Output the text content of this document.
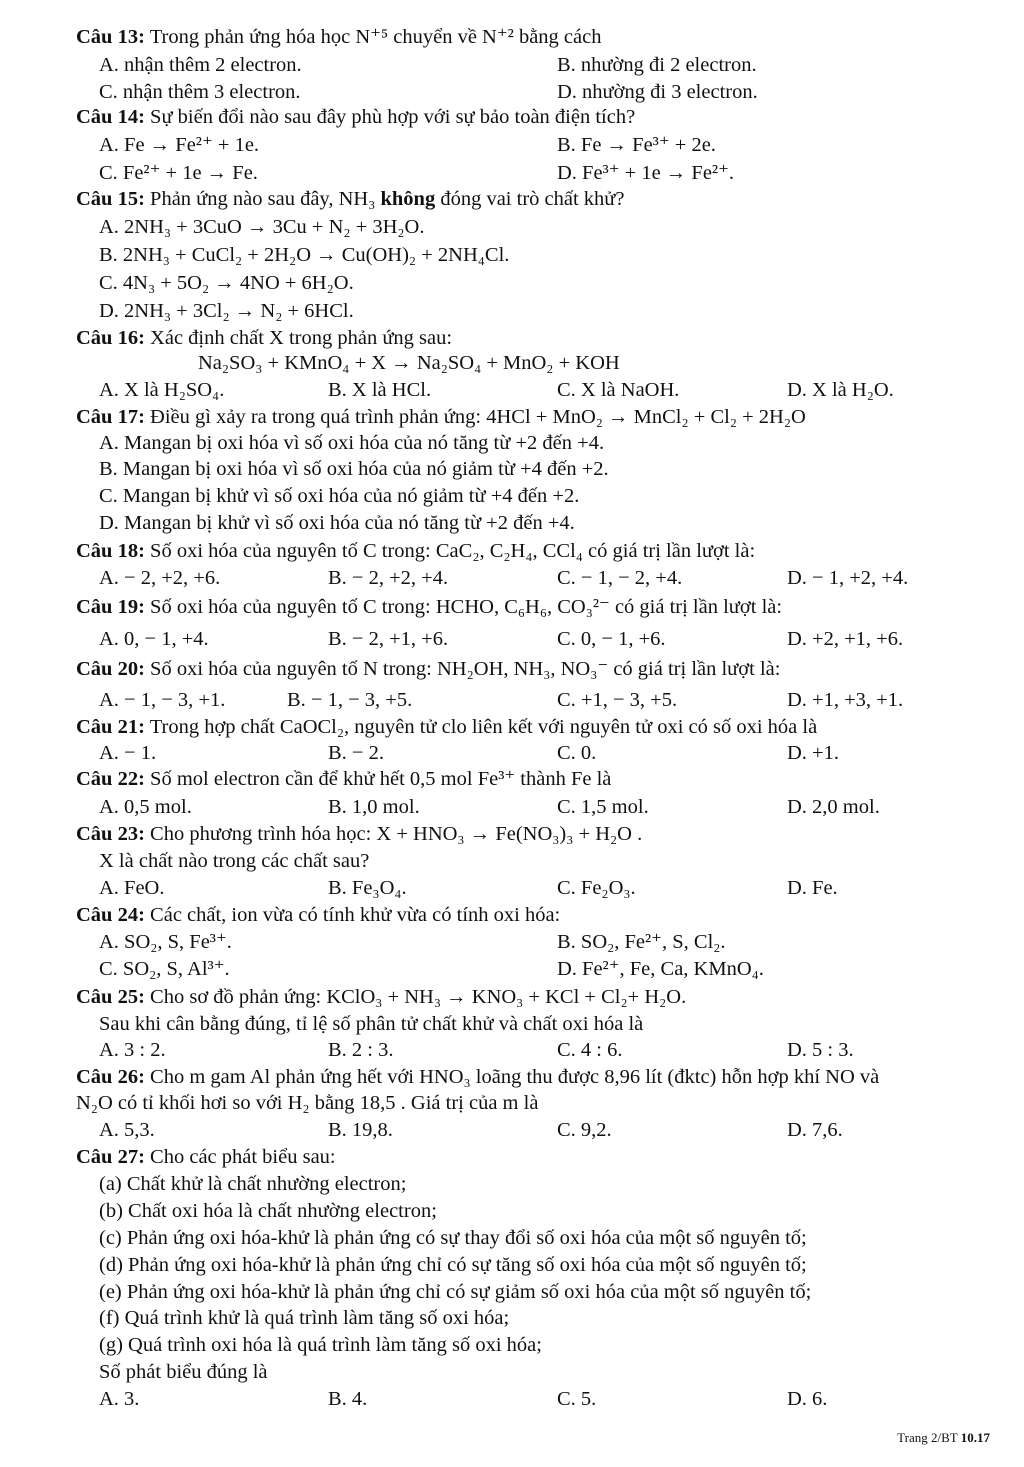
Câu 13: Trong phản ứng hóa học N⁺⁵ chuyển về N⁺² bằng cách
A. nhận thêm 2 electron.	B. nhường đi 2 electron.
C. nhận thêm 3 electron.	D. nhường đi 3 electron.
Câu 14: Sự biến đổi nào sau đây phù hợp với sự bảo toàn điện tích?
A. Fe → Fe²⁺ + 1e.	B. Fe → Fe³⁺ + 2e.
C. Fe²⁺ + 1e → Fe.	D. Fe³⁺ + 1e → Fe²⁺.
Câu 15: Phản ứng nào sau đây, NH₃ không đóng vai trò chất khử?
A. 2NH₃ + 3CuO → 3Cu + N₂ + 3H₂O.
B. 2NH₃ + CuCl₂ + 2H₂O → Cu(OH)₂ + 2NH₄Cl.
C. 4N₃ + 5O₂ → 4NO + 6H₂O.
D. 2NH₃ + 3Cl₂ → N₂ + 6HCl.
Câu 16: Xác định chất X trong phản ứng sau:
Na₂SO₃ + KMnO₄ + X → Na₂SO₄ + MnO₂ + KOH
A. X là H₂SO₄.	B. X là HCl.	C. X là NaOH.	D. X là H₂O.
Câu 17: Điều gì xảy ra trong quá trình phản ứng: 4HCl + MnO₂ → MnCl₂ + Cl₂ + 2H₂O
A. Mangan bị oxi hóa vì số oxi hóa của nó tăng từ +2 đến +4.
B. Mangan bị oxi hóa vì số oxi hóa của nó giảm từ +4 đến +2.
C. Mangan bị khử vì số oxi hóa của nó giảm từ +4 đến +2.
D. Mangan bị khử vì số oxi hóa của nó tăng từ +2 đến +4.
Câu 18: Số oxi hóa của nguyên tố C trong: CaC₂, C₂H₄, CCl₄ có giá trị lần lượt là:
A. − 2, +2, +6.	B. − 2, +2, +4.	C. − 1, − 2, +4.	D. − 1, +2, +4.
Câu 19: Số oxi hóa của nguyên tố C trong: HCHO, C₆H₆, CO₃²⁻ có giá trị lần lượt là:
A. 0, − 1, +4.	B. − 2, +1, +6.	C. 0, − 1, +6.	D. +2, +1, +6.
Câu 20: Số oxi hóa của nguyên tố N trong: NH₂OH, NH₃, NO₃⁻ có giá trị lần lượt là:
A. − 1, − 3, +1.	B. − 1, − 3, +5.	C. +1, − 3, +5.	D. +1, +3, +1.
Câu 21: Trong hợp chất CaOCl₂, nguyên tử clo liên kết với nguyên tử oxi có số oxi hóa là
A. − 1.	B. − 2.	C. 0.	D. +1.
Câu 22: Số mol electron cần để khử hết 0,5 mol Fe³⁺ thành Fe là
A. 0,5 mol.	B. 1,0 mol.	C. 1,5 mol.	D. 2,0 mol.
Câu 23: Cho phương trình hóa học: X + HNO₃ → Fe(NO₃)₃ + H₂O .
X là chất nào trong các chất sau?
A. FeO.	B. Fe₃O₄.	C. Fe₂O₃.	D. Fe.
Câu 24: Các chất, ion vừa có tính khử vừa có tính oxi hóa:
A. SO₂, S, Fe³⁺.	B. SO₂, Fe²⁺, S, Cl₂.
C. SO₂, S, Al³⁺.	D. Fe²⁺, Fe, Ca, KMnO₄.
Câu 25: Cho sơ đồ phản ứng: KClO₃ + NH₃ → KNO₃ + KCl + Cl₂+ H₂O.
Sau khi cân bằng đúng, tỉ lệ số phân tử chất khử và chất oxi hóa là
A. 3 : 2.	B. 2 : 3.	C. 4 : 6.	D. 5 : 3.
Câu 26: Cho m gam Al phản ứng hết với HNO₃ loãng thu được 8,96 lít (đktc) hỗn hợp khí NO và
N₂O có tỉ khối hơi so với H₂ bằng 18,5 . Giá trị của m là
A. 5,3.	B. 19,8.	C. 9,2.	D. 7,6.
Câu 27: Cho các phát biểu sau:
(a) Chất khử là chất nhường electron;
(b) Chất oxi hóa là chất nhường electron;
(c) Phản ứng oxi hóa-khử là phản ứng có sự thay đổi số oxi hóa của một số nguyên tố;
(d) Phản ứng oxi hóa-khử là phản ứng chỉ có sự tăng số oxi hóa của một số nguyên tố;
(e) Phản ứng oxi hóa-khử là phản ứng chỉ có sự giảm số oxi hóa của một số nguyên tố;
(f) Quá trình khử là quá trình làm tăng số oxi hóa;
(g) Quá trình oxi hóa là quá trình làm tăng số oxi hóa;
Số phát biểu đúng là
A. 3.	B. 4.	C. 5.	D. 6.
Trang 2/BT 10.17
